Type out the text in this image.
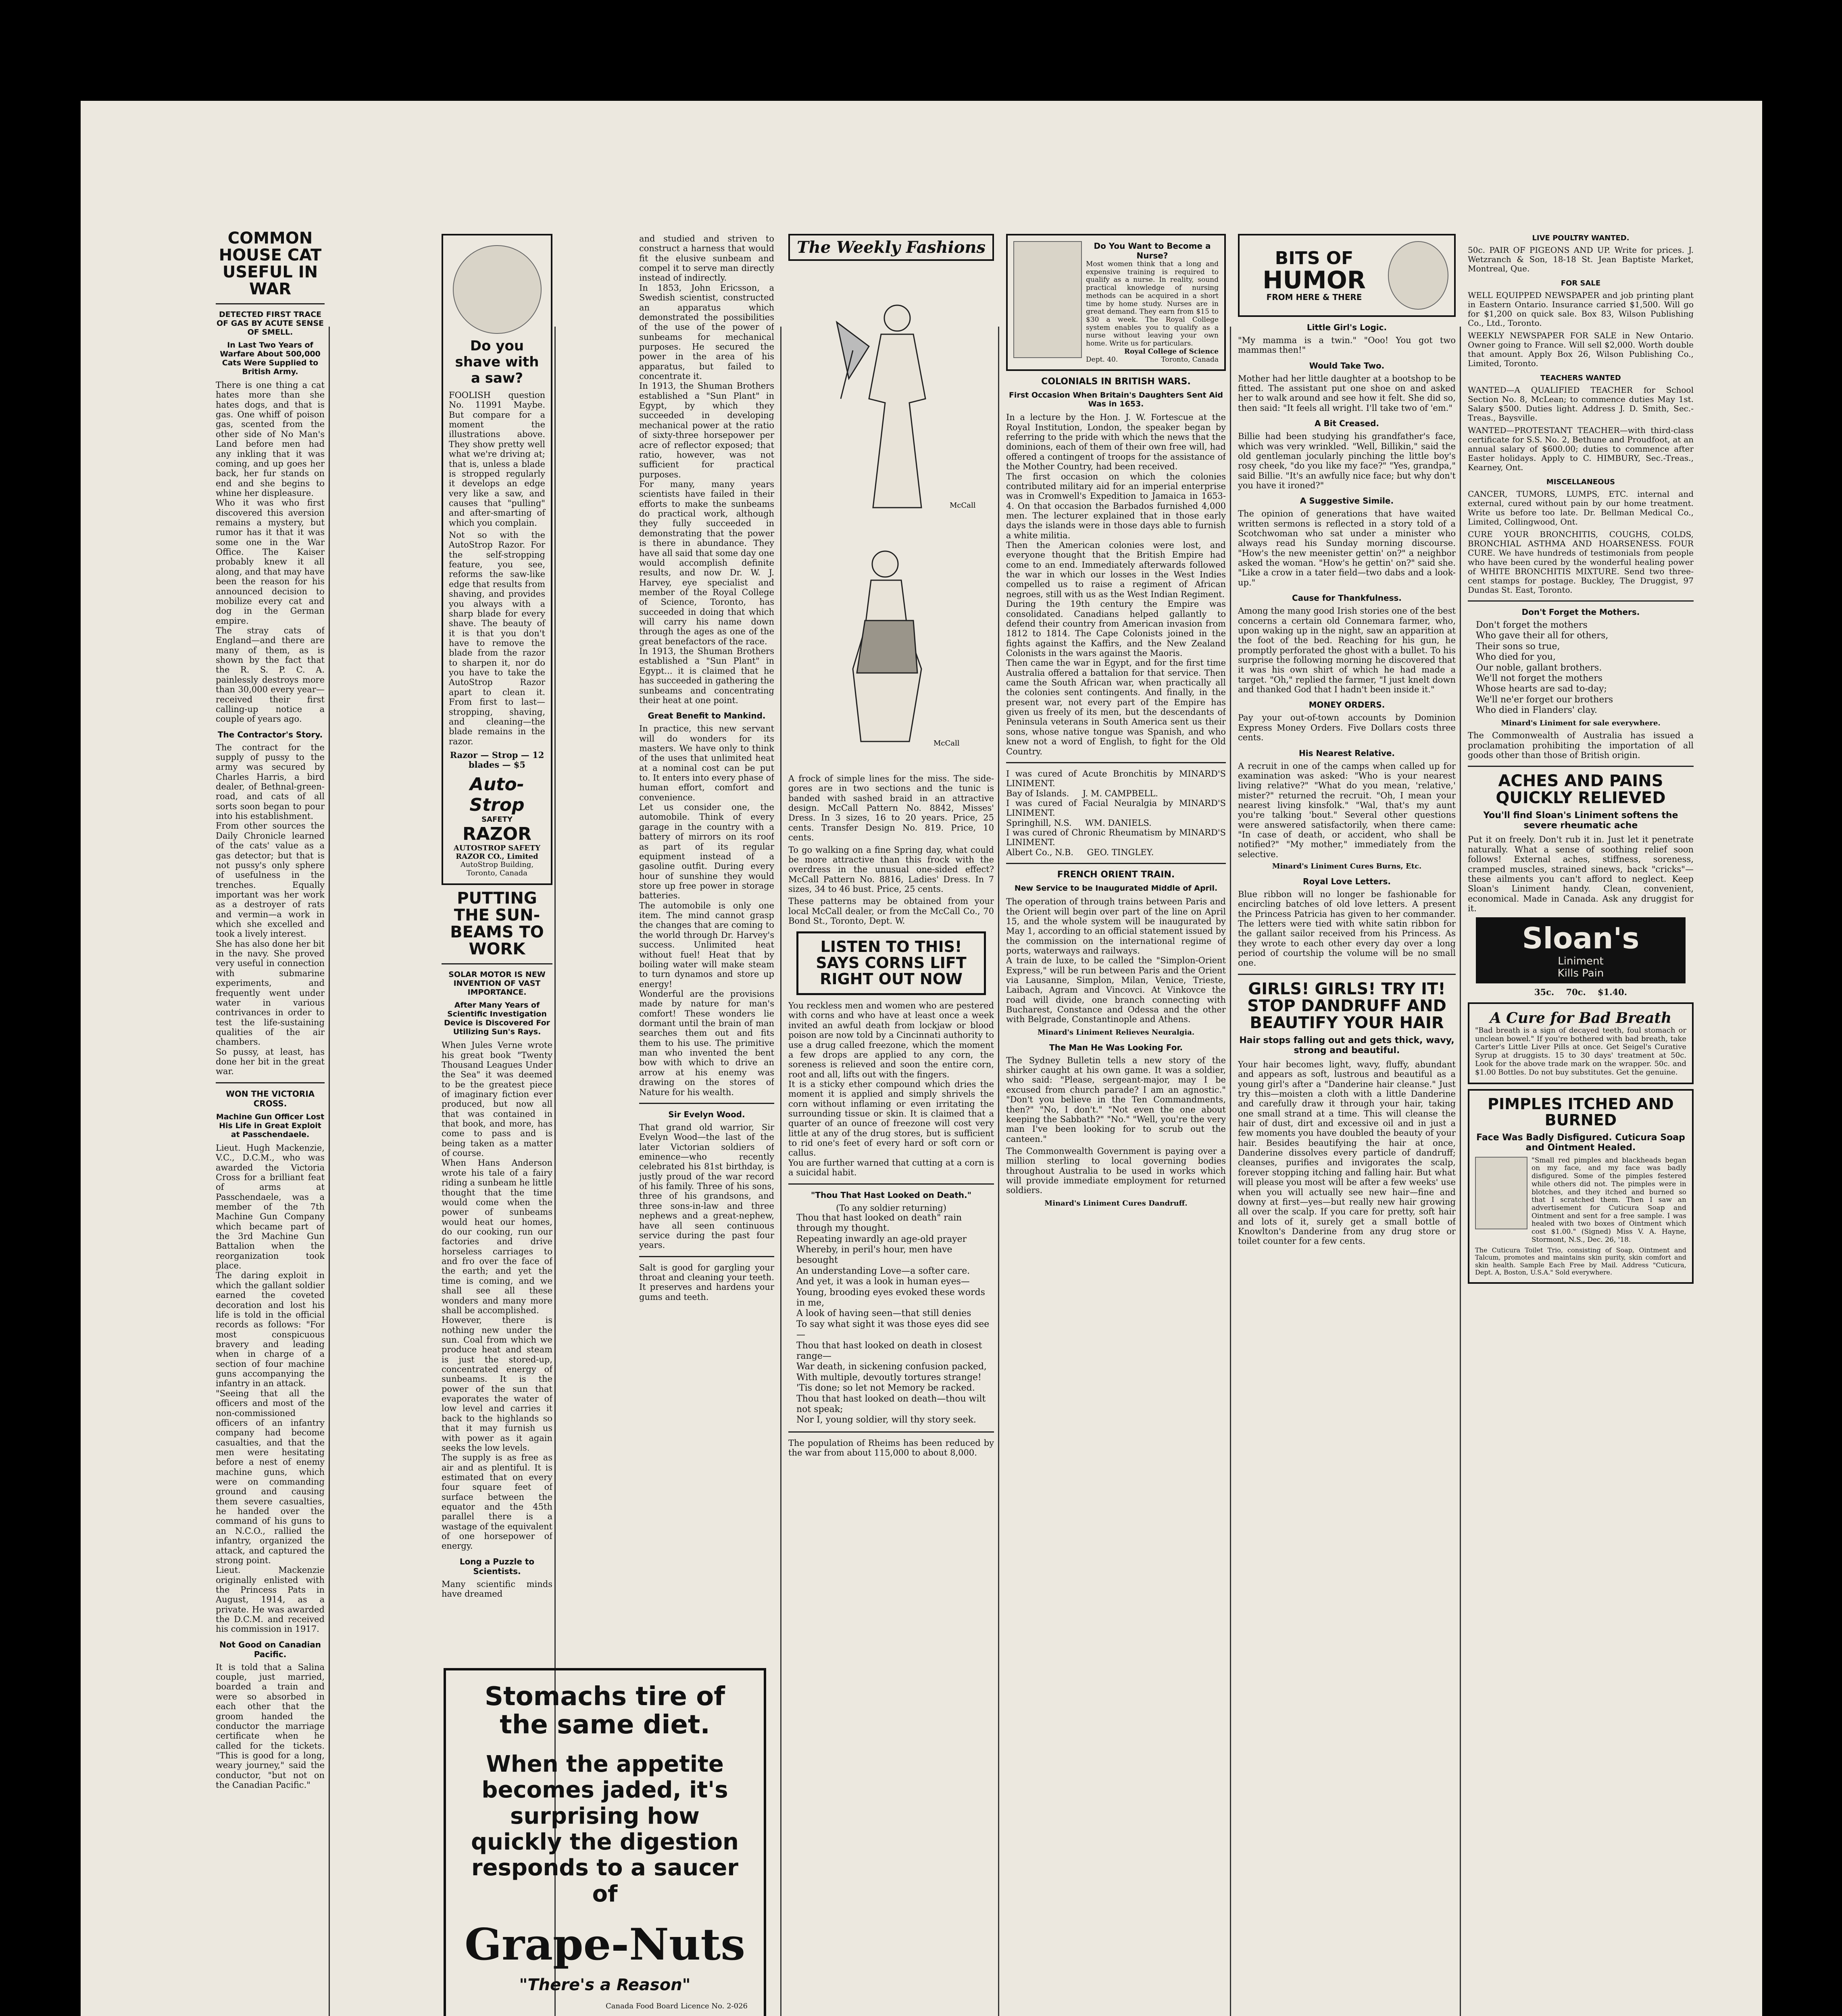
COMMON HOUSE CAT USEFUL IN WAR
DETECTED FIRST TRACE OF GAS BY ACUTE SENSE OF SMELL.
In Last Two Years of Warfare About 500,000 Cats Were Supplied to British Army.

There is one thing a cat hates more than she hates dogs, and that is gas. One whiff of poison gas, scented from the other side of No Man's Land before men had any inkling that it was coming, and up goes her back, her fur stands on end and she begins to whine her displeasure.

Who it was who first discovered this aversion remains a mystery, but rumor has it that it was some one in the War Office. The Kaiser probably knew it all along, and that may have been the reason for his announced decision to mobilize every cat and dog in the German empire.

The stray cats of England—and there are many of them, as is shown by the fact that the R. S. P. C. A. painlessly destroys more than 30,000 every year—received their first calling-up notice a couple of years ago.

The Contractor's Story.

The contract for the supply of pussy to the army was secured by Charles Harris, a bird dealer, of Bethnal-green-road, and cats of all sorts soon began to pour into his establishment.

From other sources the Daily Chronicle learned of the cats' value as a gas detector; but that is not pussy's only sphere of usefulness in the trenches. Equally important was her work as a destroyer of rats and vermin—a work in which she excelled and took a lively interest.

She has also done her bit in the navy. She proved very useful in connection with submarine experiments, and frequently went under water in various contrivances in order to test the life-sustaining qualities of the air chambers.

So pussy, at least, has done her bit in the great war.

WON THE VICTORIA CROSS.
Machine Gun Officer Lost His Life in Great Exploit at Passchendaele.

Lieut. Hugh Mackenzie, V.C., D.C.M., who was awarded the Victoria Cross for a brilliant feat of arms at Passchendaele, was a member of the 7th Machine Gun Company which became part of the 3rd Machine Gun Battalion when the reorganization took place.

The daring exploit in which the gallant soldier earned the coveted decoration and lost his life is told in the official records as follows: "For most conspicuous bravery and leading when in charge of a section of four machine guns accompanying the infantry in an attack.

"Seeing that all the officers and most of the non-commissioned officers of an infantry company had become casualties, and that the men were hesitating before a nest of enemy machine guns, which were on commanding ground and causing them severe casualties, he handed over the command of his guns to an N.C.O., rallied the infantry, organized the attack, and captured the strong point.

Lieut. Mackenzie originally enlisted with the Princess Pats in August, 1914, as a private. He was awarded the D.C.M. and received his commission in 1917.

Not Good on Canadian Pacific.

It is told that a Salina couple, just married, boarded a train and were so absorbed in each other that the groom handed the conductor the marriage certificate when he called for the tickets. "This is good for a long, weary journey," said the conductor, "but not on the Canadian Pacific."

Do you shave with a saw?

FOOLISH question No. 11991 Maybe. But compare for a moment the illustrations above. They show pretty well what we're driving at; that is, unless a blade is stropped regularly it develops an edge very like a saw, and causes that "pulling" and after-smarting of which you complain.

Not so with the AutoStrop Razor. For the self-stropping feature, you see, reforms the saw-like edge that results from shaving, and provides you always with a sharp blade for every shave. The beauty of it is that you don't have to remove the blade from the razor to sharpen it, nor do you have to take the AutoStrop Razor apart to clean it. From first to last—stropping, shaving, and cleaning—the blade remains in the razor.

Razor — Strop — 12 blades — $5

Auto-Strop
SAFETY
RAZOR
AUTOSTROP SAFETY RAZOR CO., Limited
AutoStrop Building, Toronto, Canada
PUTTING THE SUN-BEAMS TO WORK
SOLAR MOTOR IS NEW INVENTION OF VAST IMPORTANCE.
After Many Years of Scientific Investigation Device is Discovered For Utilizing Sun's Rays.

When Jules Verne wrote his great book "Twenty Thousand Leagues Under the Sea" it was deemed to be the greatest piece of imaginary fiction ever produced, but now all that was contained in that book, and more, has come to pass and is being taken as a matter of course.

When Hans Anderson wrote his tale of a fairy riding a sunbeam he little thought that the time would come when the power of sunbeams would heat our homes, do our cooking, run our factories and drive horseless carriages to and fro over the face of the earth; and yet the time is coming, and we shall see all these wonders and many more shall be accomplished.

However, there is nothing new under the sun. Coal from which we produce heat and steam is just the stored-up, concentrated energy of sunbeams. It is the power of the sun that evaporates the water of low level and carries it back to the highlands so that it may furnish us with power as it again seeks the low levels.

The supply is as free as air and as plentiful. It is estimated that on every four square feet of surface between the equator and the 45th parallel there is a wastage of the equivalent of one horsepower of energy.

Long a Puzzle to Scientists.

Many scientific minds have dreamed

and studied and striven to construct a harness that would fit the elusive sunbeam and compel it to serve man directly instead of indirectly.

In 1853, John Ericsson, a Swedish scientist, constructed an apparatus which demonstrated the possibilities of the use of the power of sunbeams for mechanical purposes. He secured the power in the area of his apparatus, but failed to concentrate it.

In 1913, the Shuman Brothers established a "Sun Plant" in Egypt, by which they succeeded in developing mechanical power at the ratio of sixty-three horsepower per acre of reflector exposed; that ratio, however, was not sufficient for practical purposes.

For many, many years scientists have failed in their efforts to make the sunbeams do practical work, although they fully succeeded in demonstrating that the power is there in abundance. They have all said that some day one would accomplish definite results, and now Dr. W. J. Harvey, eye specialist and member of the Royal College of Science, Toronto, has succeeded in doing that which will carry his name down through the ages as one of the great benefactors of the race.

In 1913, the Shuman Brothers established a "Sun Plant" in Egypt... it is claimed that he has succeeded in gathering the sunbeams and concentrating their heat at one point.

Great Benefit to Mankind.

In practice, this new servant will do wonders for its masters. We have only to think of the uses that unlimited heat at a nominal cost can be put to. It enters into every phase of human effort, comfort and convenience.

Let us consider one, the automobile. Think of every garage in the country with a battery of mirrors on its roof as part of its regular equipment instead of a gasoline outfit. During every hour of sunshine they would store up free power in storage batteries.

The automobile is only one item. The mind cannot grasp the changes that are coming to the world through Dr. Harvey's success. Unlimited heat without fuel! Heat that by boiling water will make steam to turn dynamos and store up energy!

Wonderful are the provisions made by nature for man's comfort! These wonders lie dormant until the brain of man searches them out and fits them to his use. The primitive man who invented the bent bow with which to drive an arrow at his enemy was drawing on the stores of Nature for his wealth.

Sir Evelyn Wood.

That grand old warrior, Sir Evelyn Wood—the last of the later Victorian soldiers of eminence—who recently celebrated his 81st birthday, is justly proud of the war record of his family. Three of his sons, three of his grandsons, and three sons-in-law and three nephews and a great-nephew, have all seen continuous service during the past four years.

Salt is good for gargling your throat and cleaning your teeth. It preserves and hardens your gums and teeth.

Stomachs tire of the same diet.
When the appetite becomes jaded, it's surprising how quickly the digestion responds to a saucer of
Grape-Nuts
"There's a Reason"
Canada Food Board Licence No. 2-026
The Weekly Fashions
McCall
McCall

A frock of simple lines for the miss. The side-gores are in two sections and the tunic is banded with sashed braid in an attractive design. McCall Pattern No. 8842, Misses' Dress. In 3 sizes, 16 to 20 years. Price, 25 cents. Transfer Design No. 819. Price, 10 cents.

To go walking on a fine Spring day, what could be more attractive than this frock with the overdress in the unusual one-sided effect? McCall Pattern No. 8816, Ladies' Dress. In 7 sizes, 34 to 46 bust. Price, 25 cents.

These patterns may be obtained from your local McCall dealer, or from the McCall Co., 70 Bond St., Toronto, Dept. W.

LISTEN TO THIS! SAYS CORNS LIFT RIGHT OUT NOW

You reckless men and women who are pestered with corns and who have at least once a week invited an awful death from lockjaw or blood poison are now told by a Cincinnati authority to use a drug called freezone, which the moment a few drops are applied to any corn, the soreness is relieved and soon the entire corn, root and all, lifts out with the fingers.

It is a sticky ether compound which dries the moment it is applied and simply shrivels the corn without inflaming or even irritating the surrounding tissue or skin. It is claimed that a quarter of an ounce of freezone will cost very little at any of the drug stores, but is sufficient to rid one's feet of every hard or soft corn or callus.

You are further warned that cutting at a corn is a suicidal habit.

"Thou That Hast Looked on Death."
(To any soldier returning)
Thou that hast looked on death" rain through my thought.
Repeating inwardly an age-old prayer
Whereby, in peril's hour, men have besought
An understanding Love—a softer care.
And yet, it was a look in human eyes—
Young, brooding eyes evoked these words in me,
A look of having seen—that still denies
To say what sight it was those eyes did see—
Thou that hast looked on death in closest range—
War death, in sickening confusion packed,
With multiple, devoutly tortures strange!
'Tis done; so let not Memory be racked.
Thou that hast looked on death—thou wilt not speak;
Nor I, young soldier, will thy story seek.

The population of Rheims has been reduced by the war from about 115,000 to about 8,000.

Do You Want to Become a Nurse?

Most women think that a long and expensive training is required to qualify as a nurse. In reality, sound practical knowledge of nursing methods can be acquired in a short time by home study. Nurses are in great demand. They earn from $15 to $30 a week. The Royal College system enables you to qualify as a nurse without leaving your own home. Write us for particulars.

Royal College of Science
Dept. 40.	Toronto, Canada
COLONIALS IN BRITISH WARS.
First Occasion When Britain's Daughters Sent Aid Was in 1653.

In a lecture by the Hon. J. W. Fortescue at the Royal Institution, London, the speaker began by referring to the pride with which the news that the dominions, each of them of their own free will, had offered a contingent of troops for the assistance of the Mother Country, had been received.

The first occasion on which the colonies contributed military aid for an imperial enterprise was in Cromwell's Expedition to Jamaica in 1653-4. On that occasion the Barbados furnished 4,000 men. The lecturer explained that in those early days the islands were in those days able to furnish a white militia.

Then the American colonies were lost, and everyone thought that the British Empire had come to an end. Immediately afterwards followed the war in which our losses in the West Indies compelled us to raise a regiment of African negroes, still with us as the West Indian Regiment.

During the 19th century the Empire was consolidated. Canadians helped gallantly to defend their country from American invasion from 1812 to 1814. The Cape Colonists joined in the fights against the Kaffirs, and the New Zealand Colonists in the wars against the Maoris.

Then came the war in Egypt, and for the first time Australia offered a battalion for that service. Then came the South African war, when practically all the colonies sent contingents. And finally, in the present war, not every part of the Empire has given us freely of its men, but the descendants of Peninsula veterans in South America sent us their sons, whose native tongue was Spanish, and who knew not a word of English, to fight for the Old Country.

I was cured of Acute Bronchitis by MINARD'S LINIMENT.

Bay of Islands.     J. M. CAMPBELL.

I was cured of Facial Neuralgia by MINARD'S LINIMENT.

Springhill, N.S.     WM. DANIELS.

I was cured of Chronic Rheumatism by MINARD'S LINIMENT.

Albert Co., N.B.     GEO. TINGLEY.

FRENCH ORIENT TRAIN.
New Service to be Inaugurated Middle of April.

The operation of through trains between Paris and the Orient will begin over part of the line on April 15, and the whole system will be inaugurated by May 1, according to an official statement issued by the commission on the international regime of ports, waterways and railways.

A train de luxe, to be called the "Simplon-Orient Express," will be run between Paris and the Orient via Lausanne, Simplon, Milan, Venice, Trieste, Laibach, Agram and Vincovci. At Vinkovce the road will divide, one branch connecting with Bucharest, Constance and Odessa and the other with Belgrade, Constantinople and Athens.

Minard's Liniment Relieves Neuralgia.
The Man He Was Looking For.

The Sydney Bulletin tells a new story of the shirker caught at his own game. It was a soldier, who said: "Please, sergeant-major, may I be excused from church parade? I am an agnostic." "Don't you believe in the Ten Commandments, then?" "No, I don't." "Not even the one about keeping the Sabbath?" "No." "Well, you're the very man I've been looking for to scrub out the canteen."

The Commonwealth Government is paying over a million sterling to local governing bodies throughout Australia to be used in works which will provide immediate employment for returned soldiers.

Minard's Liniment Cures Dandruff.
BITS OF
HUMOR
FROM HERE & THERE
Little Girl's Logic.

"My mamma is a twin." "Ooo! You got two mammas then!"

Would Take Two.

Mother had her little daughter at a bootshop to be fitted. The assistant put one shoe on and asked her to walk around and see how it felt. She did so, then said: "It feels all wright. I'll take two of 'em."

A Bit Creased.

Billie had been studying his grandfather's face, which was very wrinkled. "Well, Billikin," said the old gentleman jocularly pinching the little boy's rosy cheek, "do you like my face?" "Yes, grandpa," said Billie. "It's an awfully nice face; but why don't you have it ironed?"

A Suggestive Simile.

The opinion of generations that have waited written sermons is reflected in a story told of a Scotchwoman who sat under a minister who always read his Sunday morning discourse. "How's the new meenister gettin' on?" a neighbor asked the woman. "How's he gettin' on?" said she. "Like a crow in a tater field—two dabs and a look-up."

Cause for Thankfulness.

Among the many good Irish stories one of the best concerns a certain old Connemara farmer, who, upon waking up in the night, saw an apparition at the foot of the bed. Reaching for his gun, he promptly perforated the ghost with a bullet. To his surprise the following morning he discovered that it was his own shirt of which he had made a target. "Oh," replied the farmer, "I just knelt down and thanked God that I hadn't been inside it."

MONEY ORDERS.

Pay your out-of-town accounts by Dominion Express Money Orders. Five Dollars costs three cents.

His Nearest Relative.

A recruit in one of the camps when called up for examination was asked: "Who is your nearest living relative?" "What do you mean, 'relative,' mister?" returned the recruit. "Oh, I mean your nearest living kinsfolk." "Wal, that's my aunt you're talking 'bout." Several other questions were answered satisfactorily, when there came: "In case of death, or accident, who shall be notified?" "My mother," immediately from the selective.

Minard's Liniment Cures Burns, Etc.
Royal Love Letters.

Blue ribbon will no longer be fashionable for encircling batches of old love letters. A present the Princess Patricia has given to her commander. The letters were tied with white satin ribbon for the gallant sailor received from his Princess. As they wrote to each other every day over a long period of courtship the volume will be no small one.

GIRLS! GIRLS! TRY IT! STOP DANDRUFF AND BEAUTIFY YOUR HAIR
Hair stops falling out and gets thick, wavy, strong and beautiful.

Your hair becomes light, wavy, fluffy, abundant and appears as soft, lustrous and beautiful as a young girl's after a "Danderine hair cleanse." Just try this—moisten a cloth with a little Danderine and carefully draw it through your hair, taking one small strand at a time. This will cleanse the hair of dust, dirt and excessive oil and in just a few moments you have doubled the beauty of your hair. Besides beautifying the hair at once, Danderine dissolves every particle of dandruff; cleanses, purifies and invigorates the scalp, forever stopping itching and falling hair. But what will please you most will be after a few weeks' use when you will actually see new hair—fine and downy at first—yes—but really new hair growing all over the scalp. If you care for pretty, soft hair and lots of it, surely get a small bottle of Knowlton's Danderine from any drug store or toilet counter for a few cents.

LIVE POULTRY WANTED.

50c. PAIR OF PIGEONS AND UP. Write for prices. J. Wetzranch & Son, 18-18 St. Jean Baptiste Market, Montreal, Que.

FOR SALE

WELL EQUIPPED NEWSPAPER and job printing plant in Eastern Ontario. Insurance carried $1,500. Will go for $1,200 on quick sale. Box 83, Wilson Publishing Co., Ltd., Toronto.

WEEKLY NEWSPAPER FOR SALE in New Ontario. Owner going to France. Will sell $2,000. Worth double that amount. Apply Box 26, Wilson Publishing Co., Limited, Toronto.

TEACHERS WANTED

WANTED—A QUALIFIED TEACHER for School Section No. 8, McLean; to commence duties May 1st. Salary $500. Duties light. Address J. D. Smith, Sec.-Treas., Baysville.

WANTED—PROTESTANT TEACHER—with third-class certificate for S.S. No. 2, Bethune and Proudfoot, at an annual salary of $600.00; duties to commence after Easter holidays. Apply to C. HIMBURY, Sec.-Treas., Kearney, Ont.

MISCELLANEOUS

CANCER, TUMORS, LUMPS, ETC. internal and external, cured without pain by our home treatment. Write us before too late. Dr. Bellman Medical Co., Limited, Collingwood, Ont.

CURE YOUR BRONCHITIS, COUGHS, COLDS, BRONCHIAL ASTHMA AND HOARSENESS. FOUR CURE. We have hundreds of testimonials from people who have been cured by the wonderful healing power of WHITE BRONCHITIS MIXTURE. Send two three-cent stamps for postage. Buckley, The Druggist, 97 Dundas St. East, Toronto.

Don't Forget the Mothers.
Don't forget the mothers
Who gave their all for others,
Their sons so true,
Who died for you,
Our noble, gallant brothers.
We'll not forget the mothers
Whose hearts are sad to-day;
We'll ne'er forget our brothers
Who died in Flanders' clay.
Minard's Liniment for sale everywhere.

The Commonwealth of Australia has issued a proclamation prohibiting the importation of all goods other than those of British origin.

ACHES AND PAINS QUICKLY RELIEVED
You'll find Sloan's Liniment softens the severe rheumatic ache

Put it on freely. Don't rub it in. Just let it penetrate naturally. What a sense of soothing relief soon follows! External aches, stiffness, soreness, cramped muscles, strained sinews, back "cricks"—these ailments you can't afford to neglect. Keep Sloan's Liniment handy. Clean, convenient, economical. Made in Canada. Ask any druggist for it.

Sloan's
Liniment
Kills Pain
35c.    70c.    $1.40.
A Cure for Bad Breath

"Bad breath is a sign of decayed teeth, foul stomach or unclean bowel." If you're bothered with bad breath, take Carter's Little Liver Pills at once. Get Seigel's Curative Syrup at druggists. 15 to 30 days' treatment at 50c. Look for the above trade mark on the wrapper. 50c. and $1.00 Bottles. Do not buy substitutes. Get the genuine.

PIMPLES ITCHED AND BURNED
Face Was Badly Disfigured. Cuticura Soap and Ointment Healed.

"Small red pimples and blackheads began on my face, and my face was badly disfigured. Some of the pimples festered while others did not. The pimples were in blotches, and they itched and burned so that I scratched them. Then I saw an advertisement for Cuticura Soap and Ointment and sent for a free sample. I was healed with two boxes of Ointment which cost $1.00." (Signed) Miss V. A. Hayne, Stormont, N.S., Dec. 26, '18.

The Cuticura Toilet Trio, consisting of Soap, Ointment and Talcum, promotes and maintains skin purity, skin comfort and skin health. Sample Each Free by Mail. Address "Cuticura, Dept. A, Boston, U.S.A." Sold everywhere.
